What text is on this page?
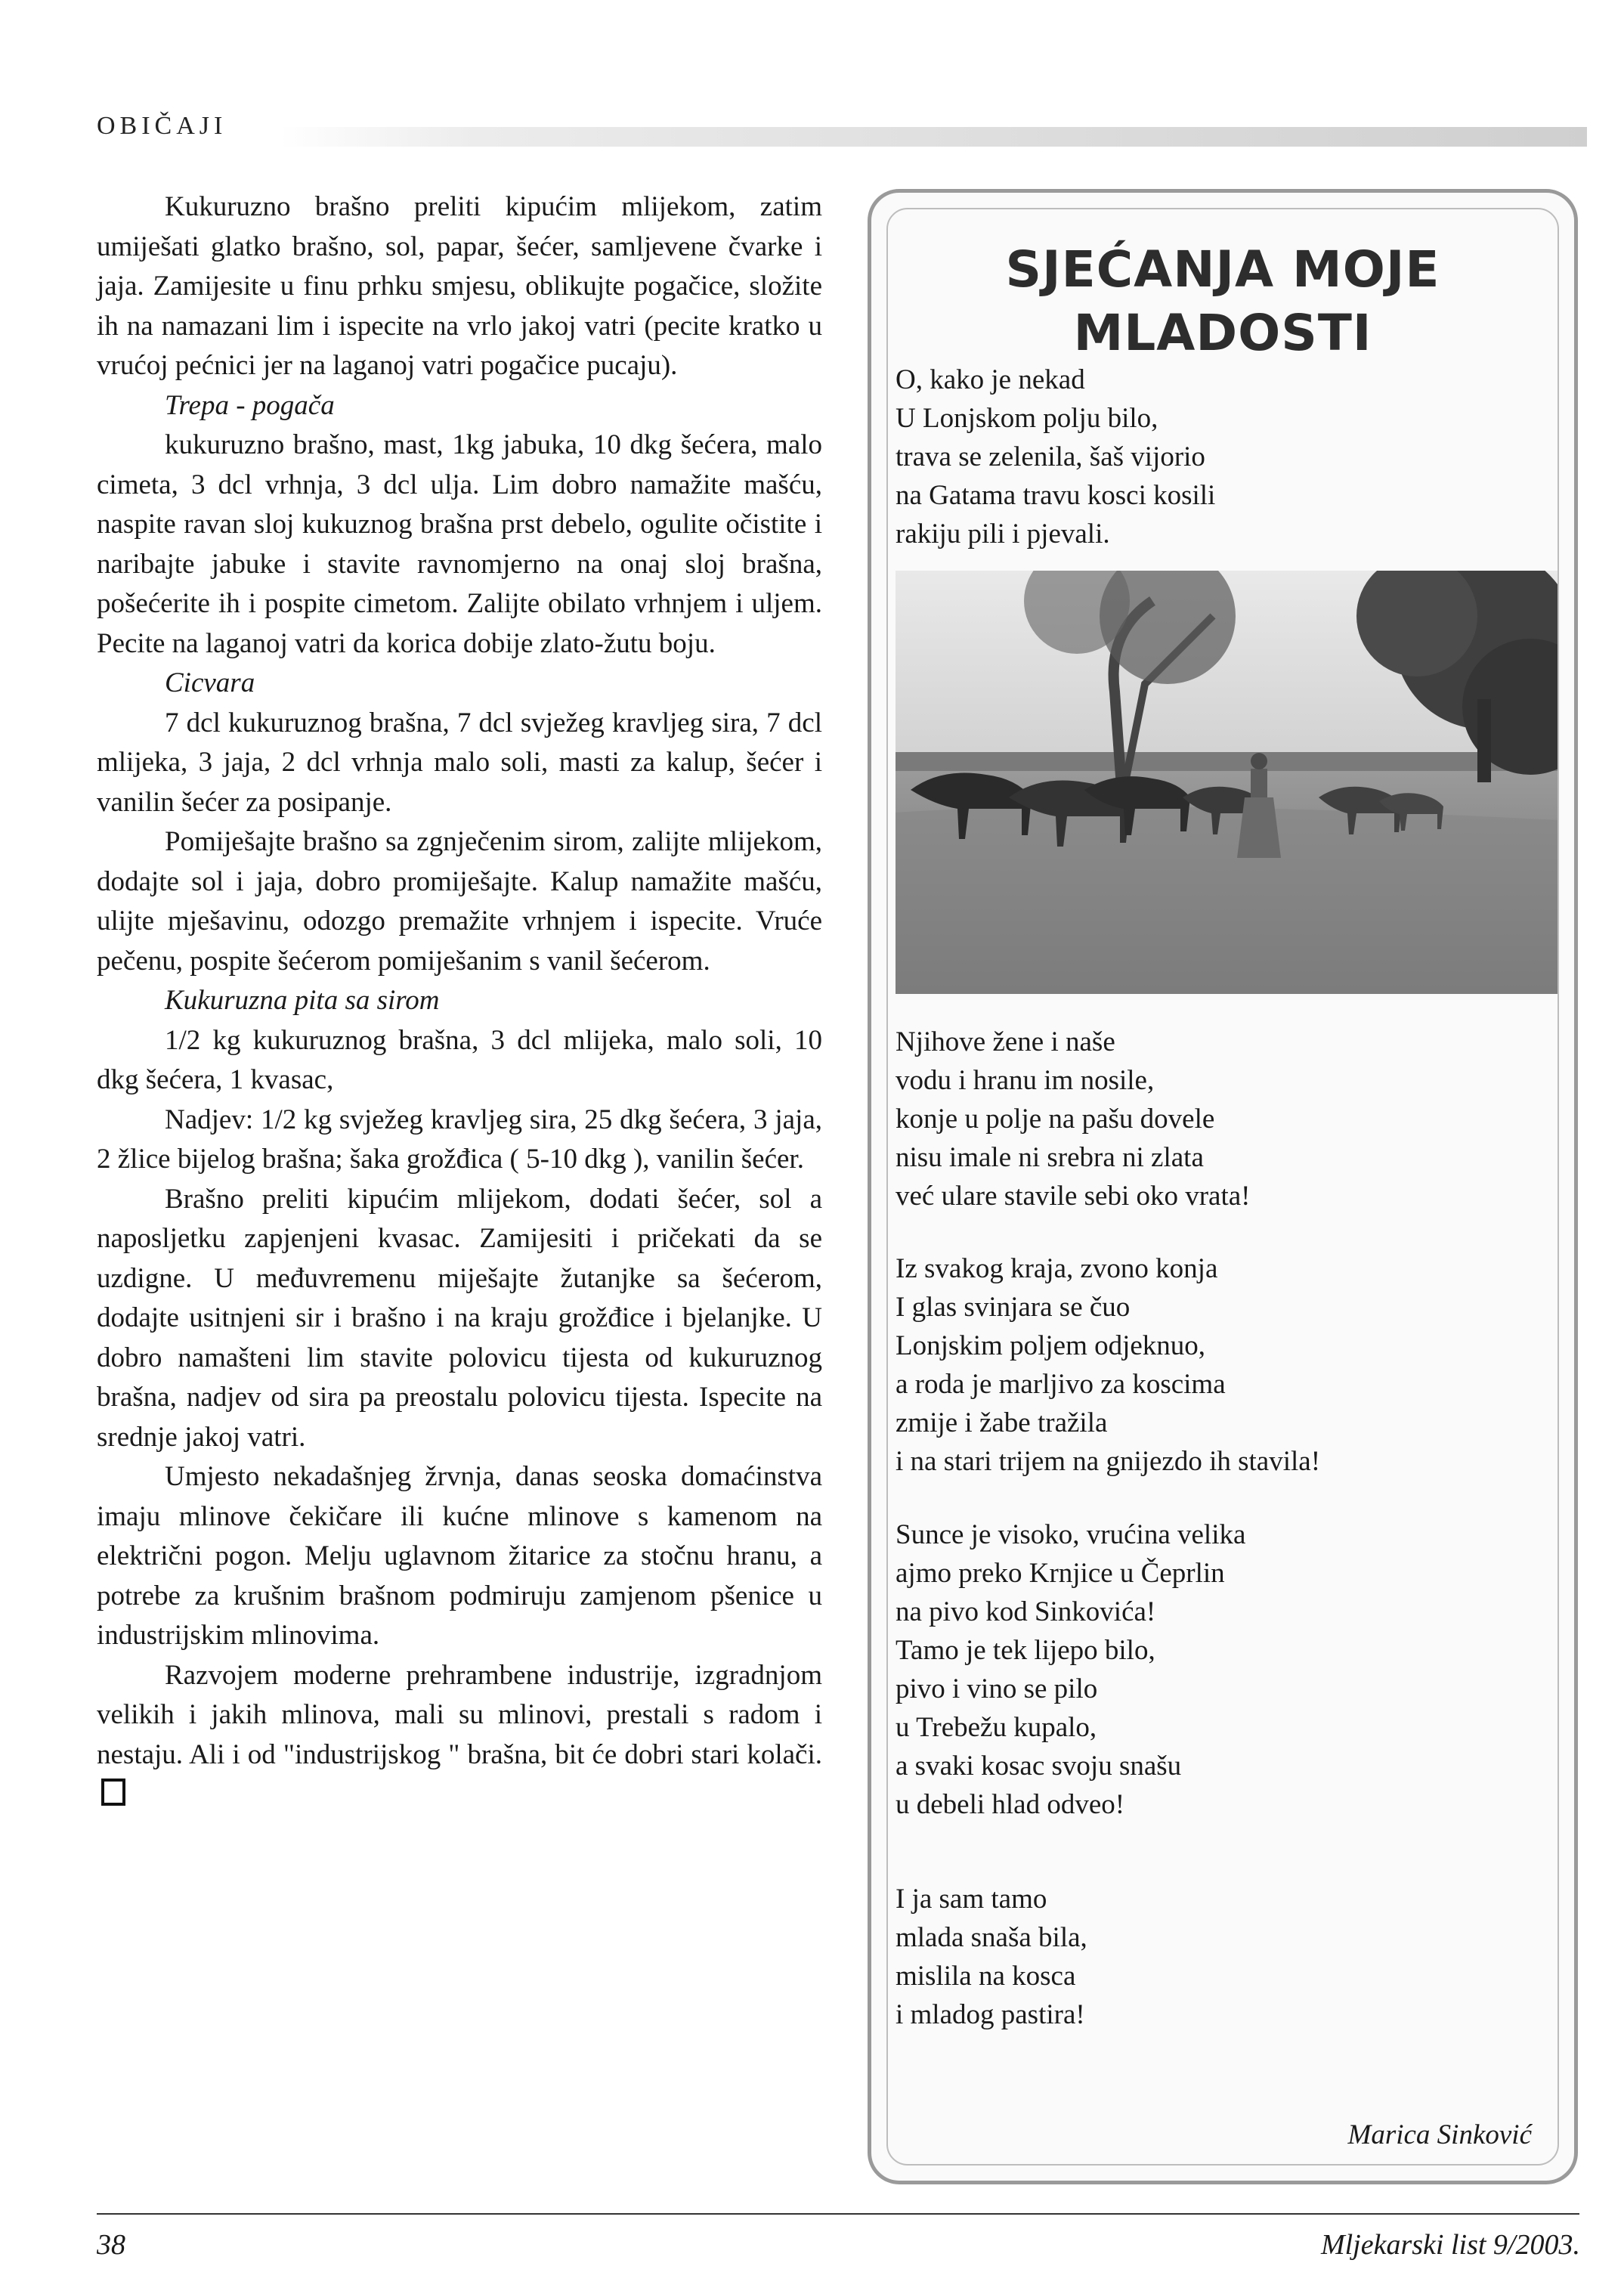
OBIČAJI

Kukuruzno brašno preliti kipućim mlijekom, zatim umiješati glatko brašno, sol, papar, šećer, samljevene čvarke i jaja. Zamijesite u finu prhku smjesu, oblikujte pogačice, složite ih na namazani lim i ispecite na vrlo jakoj vatri (pecite kratko u vrućoj pećnici jer na laganoj vatri pogačice pucaju).

Trepa - pogača

kukuruzno brašno, mast, 1kg jabuka, 10 dkg šećera, malo cimeta, 3 dcl vrhnja, 3 dcl ulja. Lim dobro namažite mašću, naspite ravan sloj kukuznog brašna prst debelo, ogulite očistite i naribajte jabuke i stavite ravnomjerno na onaj sloj brašna, pošećerite ih i pospite cimetom. Zalijte obilato vrhnjem i uljem. Pecite na laganoj vatri da korica dobije zlato-žutu boju.

Cicvara

7 dcl kukuruznog brašna, 7 dcl svježeg kravljeg sira, 7 dcl mlijeka, 3 jaja, 2 dcl vrhnja malo soli, masti za kalup, šećer i vanilin šećer za posipanje.

Pomiješajte brašno sa zgnječenim sirom, zalijte mlijekom, dodajte sol i jaja, dobro promiješajte. Kalup namažite mašću, ulijte mješavinu, odozgo premažite vrhnjem i ispecite. Vruće pečenu, pospite šećerom pomiješanim s vanil šećerom.

Kukuruzna pita sa sirom

1/2 kg kukuruznog brašna, 3 dcl mlijeka, malo soli, 10 dkg šećera, 1 kvasac,

Nadjev: 1/2 kg svježeg kravljeg sira, 25 dkg šećera, 3 jaja, 2 žlice bijelog brašna; šaka grožđica ( 5-10 dkg ), vanilin šećer.

Brašno preliti kipućim mlijekom, dodati šećer, sol a naposljetku zapjenjeni kvasac. Zamijesiti i pričekati da se uzdigne. U međuvremenu miješajte žutanjke sa šećerom, dodajte usitnjeni sir i brašno i na kraju grožđice i bjelanjke. U dobro namašteni lim stavite polovicu tijesta od kukuruznog brašna, nadjev od sira pa preostalu polovicu tijesta. Ispecite na srednje jakoj vatri.

Umjesto nekadašnjeg žrvnja, danas seoska domaćinstva imaju mlinove čekičare ili kućne mlinove s kamenom na električni pogon. Melju uglavnom žitarice za stočnu hranu, a potrebe za krušnim brašnom podmiruju zamjenom pšenice u industrijskim mlinovima.

Razvojem moderne prehrambene industrije, izgradnjom velikih i jakih mlinova, mali su mlinovi, prestali s radom i nestaju. Ali i od "industrijskog " brašna, bit će dobri stari kolači.

SJEĆANJA MOJE
MLADOSTI

O, kako je nekad
U Lonjskom polju bilo,
trava se zelenila, šaš vijorio
na Gatama travu kosci kosili
rakiju pili i pjevali.

Njihove žene i naše
vodu i hranu im nosile,
konje u polje na pašu dovele
nisu imale ni srebra ni zlata
već ulare stavile sebi oko vrata!

Iz svakog kraja, zvono konja
I glas svinjara se čuo
Lonjskim poljem odjeknuo,
a roda je marljivo za koscima
zmije i žabe tražila
i na stari trijem na gnijezdo ih stavila!

Sunce je visoko, vrućina velika
ajmo preko Krnjice u Čeprlin
na pivo kod Sinkovića!
Tamo je tek lijepo bilo,
pivo i vino se pilo
u Trebežu kupalo,
a svaki kosac svoju snašu
u debeli hlad odveo!

I ja sam tamo
mlada snaša bila,
mislila na kosca
i mladog pastira!

Marica Sinković
38	Mljekarski list 9/2003.
